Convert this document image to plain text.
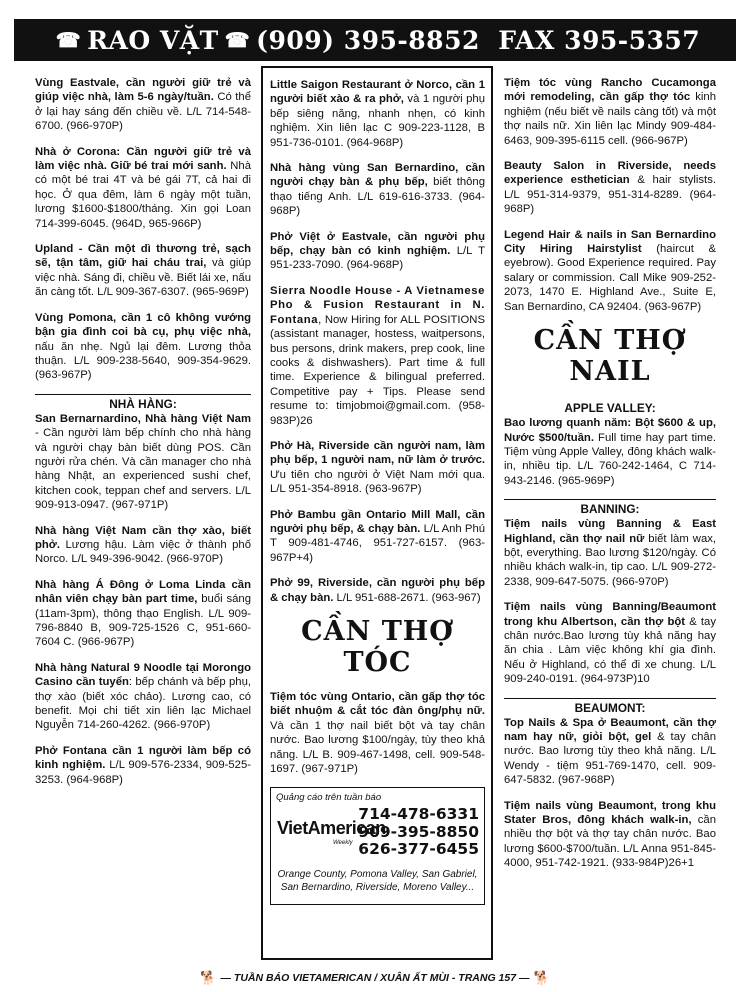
☎ RAO VẶT ☎ (909) 395-8852
FAX 395-5357

Vùng Eastvale, cần người giữ trẻ và giúp việc nhà, làm 5-6 ngày/tuần. Có thể ở lại hay sáng đến chiều về. L/L 714-548-6700. (966-970P)

Nhà ở Corona: Cần người giữ trẻ và làm việc nhà. Giữ bé trai mới sanh. Nhà có một bé trai 4T và bé gái 7T, cả hai đi học. Ở qua đêm, làm 6 ngày một tuần, lương $1600-$1800/tháng. Xin gọi Loan 714-399-6045. (964D, 965-966P)

Upland - Cần một dì thương trẻ, sạch sẽ, tận tâm, giữ hai cháu trai, và giúp việc nhà. Sáng đi, chiều về. Biết lái xe, nấu ăn càng tốt. L/L 909-367-6307. (965-969P)

Vùng Pomona, cần 1 cô không vướng bận gia đình coi bà cụ, phụ việc nhà, nấu ăn nhẹ. Ngủ lại đêm. Lương thỏa thuận. L/L 909-238-5640, 909-354-9629. (963-967P)

NHÀ HÀNG:

San Bernarnardino, Nhà hàng Việt Nam - Cần người làm bếp chính cho nhà hàng và người chạy bàn biết dùng POS. Cần người rửa chén. Và cần manager cho nhà hàng Nhật, an experienced sushi chef, kitchen cook, teppan chef and servers. L/L 909-913-0947. (967-971P)

Nhà hàng Việt Nam cần thợ xào, biết phở. Lương hậu. Làm việc ở thành phố Norco. L/L 949-396-9042. (966-970P)

Nhà hàng Á Đông ở Loma Linda cần nhân viên chạy bàn part time, buổi sáng (11am-3pm), thông thạo English. L/L 909-796-8840 B, 909-725-1526 C, 951-660-7604 C. (966-967P)

Nhà hàng Natural 9 Noodle tại Morongo Casino cần tuyển: bếp chánh và bếp phụ, thợ xào (biết xóc chảo). Lương cao, có benefit. Mọi chi tiết xin liên lạc Michael Nguyễn 714-260-4262. (966-970P)

Phở Fontana cần 1 người làm bếp có kinh nghiệm. L/L 909-576-2334, 909-525-3253. (964-968P)

Little Saigon Restaurant ở Norco, cần 1 người biết xào & ra phở, và 1 người phụ bếp siêng năng, nhanh nhẹn, có kinh nghiệm. Xin liên lạc C 909-223-1128, B 951-736-0101. (964-968P)

Nhà hàng vùng San Bernardino, cần người chạy bàn & phụ bếp, biết thông thạo tiếng Anh. L/L 619-616-3733. (964-968P)

Phở Việt ở Eastvale, cần người phụ bếp, chạy bàn có kinh nghiệm. L/L T 951-233-7090. (964-968P)

Sierra Noodle House - A Vietnamese Pho & Fusion Restaurant in N. Fontana, Now Hiring for ALL POSITIONS (assistant manager, hostess, waitpersons, bus persons, drink makers, prep cook, line cooks & dishwashers). Part time & full time. Experience & bilingual preferred. Competitive pay + Tips. Please send resume to: timjobmoi@gmail.com. (958-983P)26

Phở Hà, Riverside cần người nam, làm phụ bếp, 1 người nam, nữ làm ở trước. Ưu tiên cho người ở Việt Nam mới qua. L/L 951-354-8918. (963-967P)

Phở Bambu gần Ontario Mill Mall, cần người phụ bếp, & chạy bàn. L/L Anh Phú T 909-481-4746, 951-727-6157. (963-967P+4)

Phở 99, Riverside, cần người phụ bếp & chạy bàn. L/L 951-688-2671. (963-967)

CẦN THỢ TÓC

Tiệm tóc vùng Ontario, cần gấp thợ tóc biết nhuộm & cắt tóc đàn ông/phụ nữ. Và cần 1 thợ nail biết bột và tay chân nước. Bao lương $100/ngày, tùy theo khả năng. L/L B. 909-467-1498, cell. 909-548-1697. (967-971P)

Quảng cáo trên tuần báo
VietAmerican
Weekly
714-478-6331
909-395-8850
626-377-6455
Orange County, Pomona Valley, San Gabriel, San Bernardino, Riverside, Moreno Valley...

Tiệm tóc vùng Rancho Cucamonga mới remodeling, cần gấp thợ tóc kinh nghiệm (nếu biết về nails càng tốt) và một thợ nails nữ. Xin liên lạc Mindy 909-484-6463, 909-395-6115 cell. (966-967P)

Beauty Salon in Riverside, needs experience esthetician & hair stylists. L/L 951-314-9379, 951-314-8289. (964-968P)

Legend Hair & nails in San Bernardino City Hiring Hairstylist (haircut & eyebrow). Good Experience required. Pay salary or commission. Call Mike 909-252-2073, 1470 E. Highland Ave., Suite E, San Bernardino, CA 92404. (963-967P)

CẦN THỢ NAIL
APPLE VALLEY:

Bao lương quanh năm: Bột $600 & up, Nước $500/tuần. Full time hay part time. Tiệm vùng Apple Valley, đông khách walk-in, nhiều tip. L/L 760-242-1464, C 714-943-2146. (965-969P)

BANNING:

Tiệm nails vùng Banning & East Highland, cần thợ nail nữ biết làm wax, bột, everything. Bao lương $120/ngày. Có nhiều khách walk-in, tip cao. L/L 909-272-2338, 909-647-5075. (966-970P)

Tiệm nails vùng Banning/Beaumont trong khu Albertson, cần thợ bột & tay chân nước.Bao lương tùy khả năng hay ăn chia . Làm việc không khí gia đình. Nếu ở Highland, có thể đi xe chung. L/L 909-240-0191. (964-973P)10

BEAUMONT:

Top Nails & Spa ở Beaumont, cần thợ nam hay nữ, giỏi bột, gel & tay chân nước. Bao lương tùy theo khả năng. L/L Wendy - tiệm 951-769-1470, cell. 909-647-5832. (967-968P)

Tiệm nails vùng Beaumont, trong khu Stater Bros, đông khách walk-in, cần nhiều thợ bột và thợ tay chân nước. Bao lương $600-$700/tuần. L/L Anna 951-845-4000, 951-742-1921. (933-984P)26+1

🐕 — TUẦN BÁO VIETAMERICAN / XUÂN ẤT MÙI - TRANG 157 — 🐕
